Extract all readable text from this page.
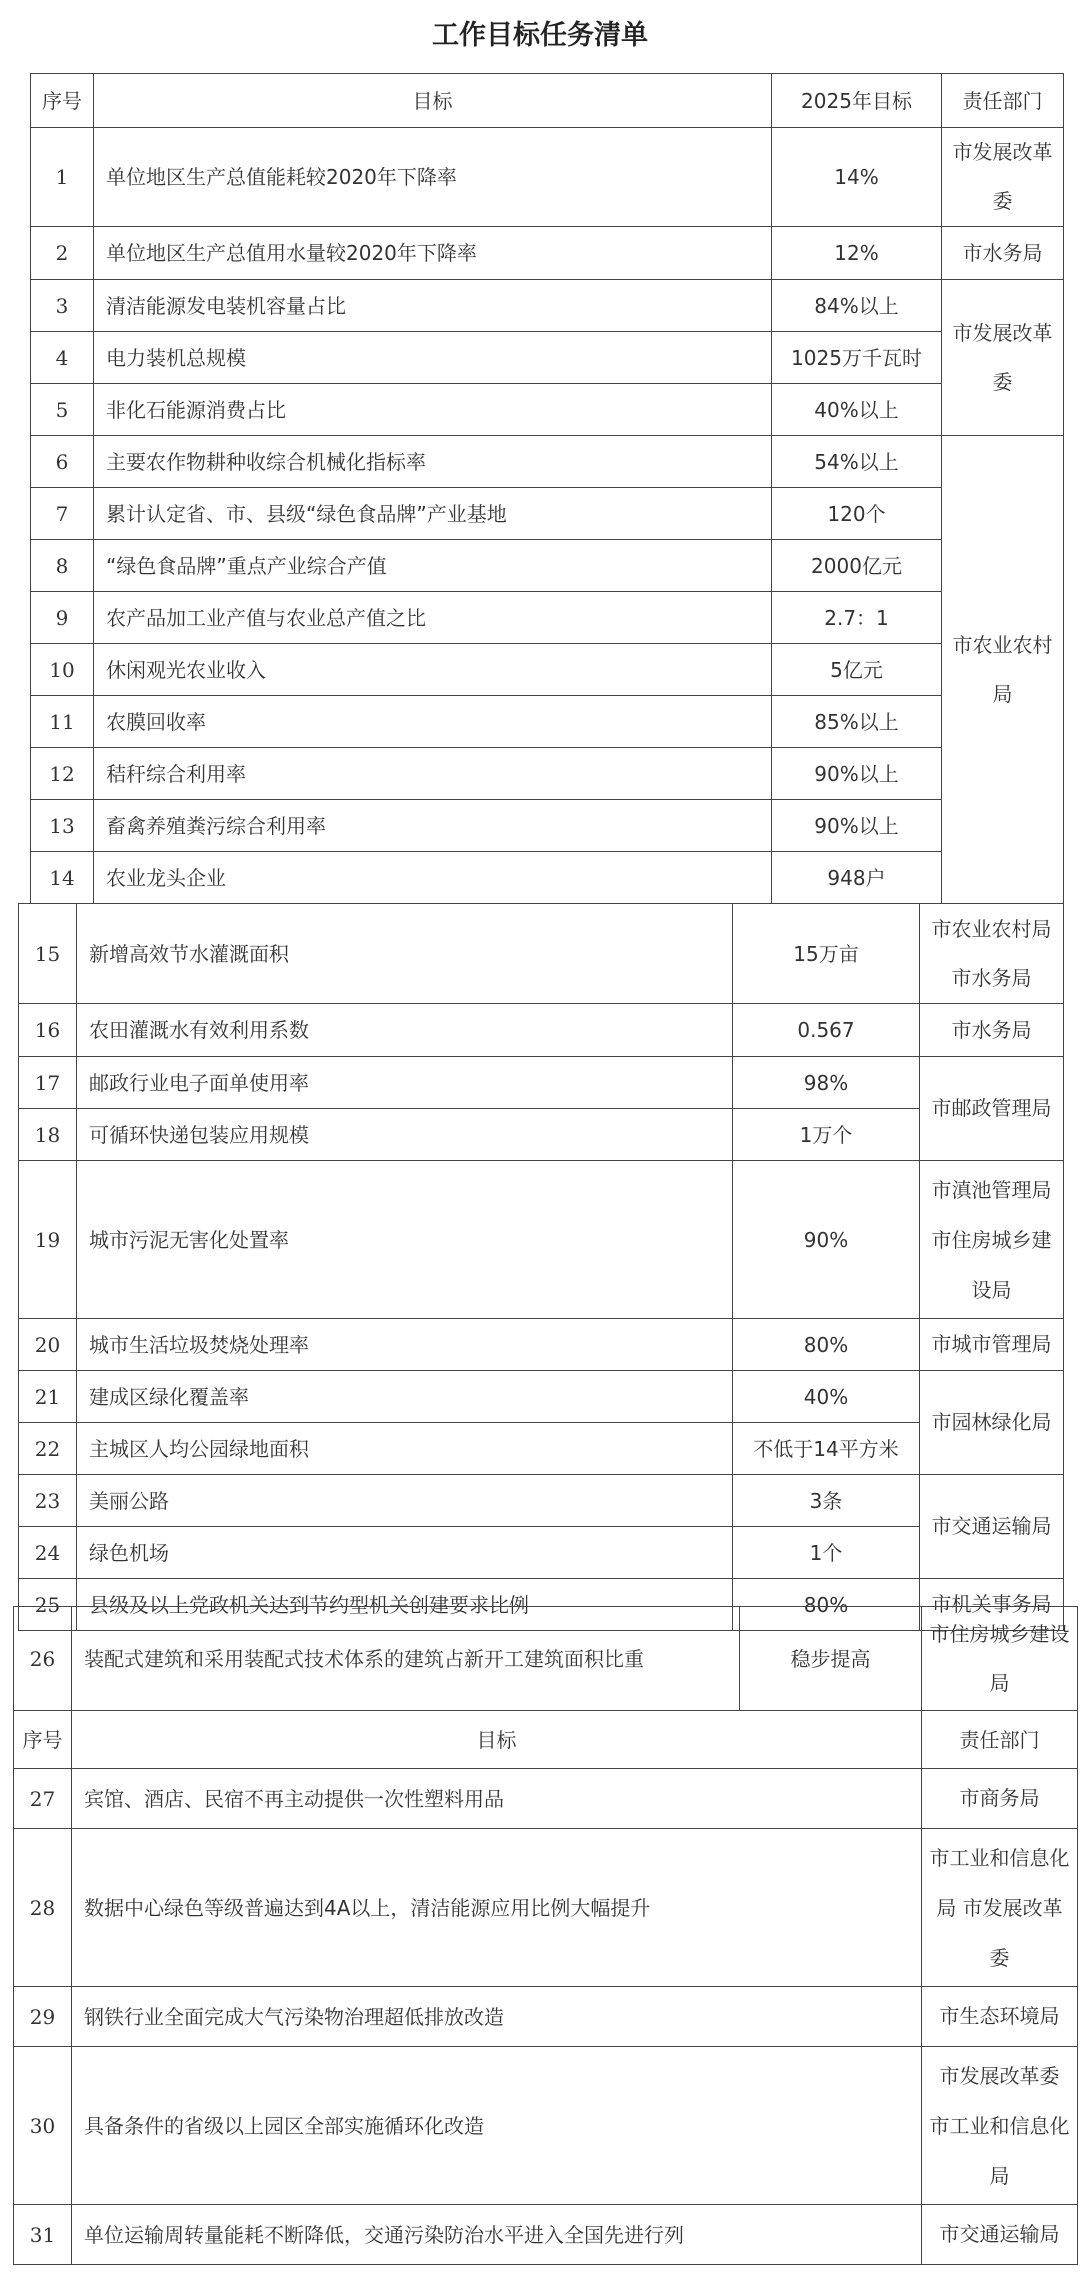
工作目标任务清单
序号	目标	2025年目标	责任部门
1	单位地区生产总值能耗较2020年下降率	14%	市发展改革委
2	单位地区生产总值用水量较2020年下降率	12%	市水务局
3	清洁能源发电装机容量占比	84%以上	市发展改革委
4	电力装机总规模	1025万千瓦时	
5	非化石能源消费占比	40%以上	
6	主要农作物耕种收综合机械化指标率	54%以上	市农业农村局
7	累计认定省、市、县级“绿色食品牌”产业基地	120个	
8	“绿色食品牌”重点产业综合产值	2000亿元	
9	农产品加工业产值与农业总产值之比	2.7：1	
10	休闲观光农业收入	5亿元	
11	农膜回收率	85%以上	
12	秸秆综合利用率	90%以上	
13	畜禽养殖粪污综合利用率	90%以上	
14	农业龙头企业	948户	
15	新增高效节水灌溉面积	15万亩	市农业农村局 市水务局
16	农田灌溉水有效利用系数	0.567	市水务局
17	邮政行业电子面单使用率	98%	市邮政管理局
18	可循环快递包装应用规模	1万个	
19	城市污泥无害化处置率	90%	市滇池管理局 市住房城乡建设局
20	城市生活垃圾焚烧处理率	80%	市城市管理局
21	建成区绿化覆盖率	40%	市园林绿化局
22	主城区人均公园绿地面积	不低于14平方米	
23	美丽公路	3条	市交通运输局
24	绿色机场	1个	
25	县级及以上党政机关达到节约型机关创建要求比例	80%	市机关事务局
26	装配式建筑和采用装配式技术体系的建筑占新开工建筑面积比重	稳步提高	市住房城乡建设局
序号	目标		责任部门
27	宾馆、酒店、民宿不再主动提供一次性塑料用品		市商务局
28	数据中心绿色等级普遍达到4A以上，清洁能源应用比例大幅提升		市工业和信息化局 市发展改革委
29	钢铁行业全面完成大气污染物治理超低排放改造		市生态环境局
30	具备条件的省级以上园区全部实施循环化改造		市发展改革委 市工业和信息化局
31	单位运输周转量能耗不断降低，交通污染防治水平进入全国先进行列		市交通运输局
